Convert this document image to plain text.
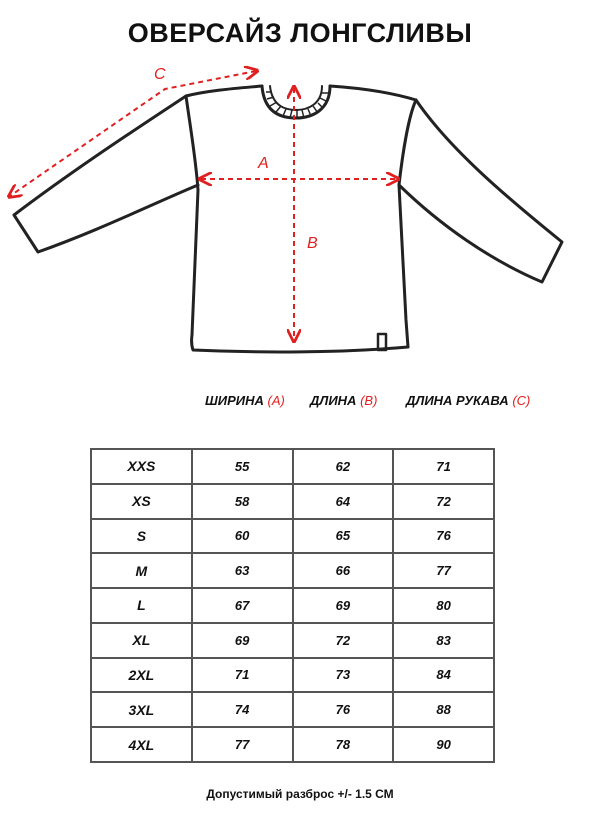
ОВЕРСАЙЗ ЛОНГСЛИВЫ
A
B
C
ШИРИНА (A) ДЛИНА (B) ДЛИНА РУКАВА (C)
XXS	55	62	71
XS	58	64	72
S	60	65	76
M	63	66	77
L	67	69	80
XL	69	72	83
2XL	71	73	84
3XL	74	76	88
4XL	77	78	90
Допустимый разброс +/- 1.5 СМ
